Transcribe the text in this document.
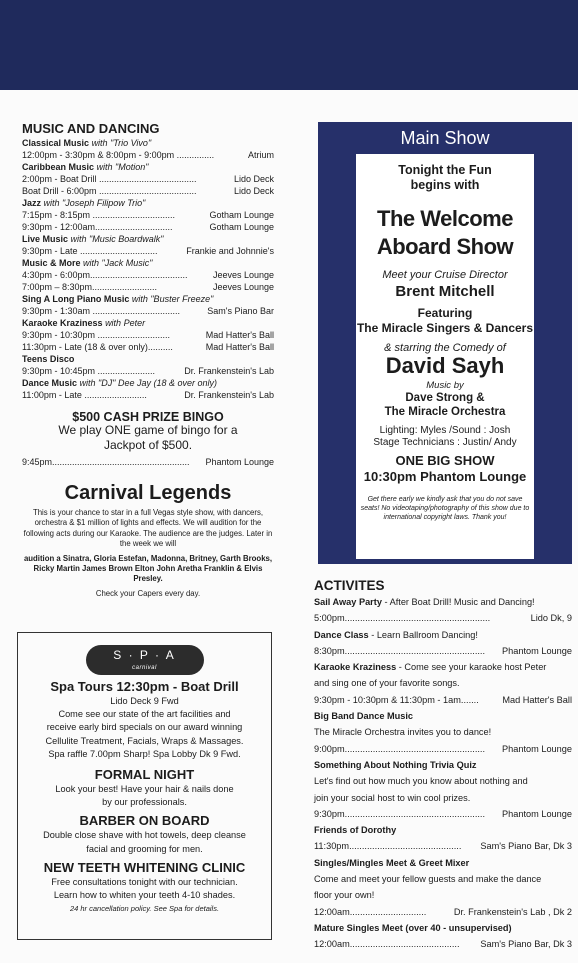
MUSIC AND DANCING
Classical Music with "Trio Vivo"
12:00pm - 3:30pm & 8:00pm - 9:00pm ...............	Atrium
Caribbean Music with "Motion"
2:00pm - Boat Drill .......................................	Lido Deck
Boat Drill - 6:00pm .......................................	Lido Deck
Jazz with "Joseph Filipow Trio"
7:15pm - 8:15pm .................................	Gotham Lounge
9:30pm - 12:00am...............................	Gotham Lounge
Live Music with "Music Boardwalk"
9:30pm - Late ...............................	Frankie and Johnnie's
Music & More with "Jack Music"
4:30pm - 6:00pm.......................................	Jeeves Lounge
7:00pm – 8:30pm..........................	Jeeves Lounge
Sing A Long Piano Music with "Buster Freeze"
9:30pm - 1:30am ...................................	Sam's Piano Bar
Karaoke Kraziness with Peter
9:30pm - 10:30pm .............................	Mad Hatter's Ball
11:30pm - Late (18 & over only)..........	Mad Hatter's Ball
Teens Disco
9:30pm - 10:45pm .......................	Dr. Frankenstein's Lab
Dance Music with "DJ" Dee Jay (18 & over only)
11:00pm - Late .........................	Dr. Frankenstein's Lab
$500 CASH PRIZE BINGO
We play ONE game of bingo for a
Jackpot of $500.
9:45pm....................................................... Phantom Lounge
Carnival Legends
This is your chance to star in a full Vegas style show, with dancers, orchestra & $1 million of lights and effects. We will audition for the following acts during our Karaoke. The audience are the judges. Later in the week we will
audition a Sinatra, Gloria Estefan, Madonna, Britney, Garth Brooks, Ricky Martin James Brown Elton John Aretha Franklin & Elvis Presley.
Check your Capers every day.
S · P · A
carnival
Spa Tours 12:30pm - Boat Drill
Lido Deck 9 Fwd
Come see our state of the art facilities and
receive early bird specials on our award winning
Cellulite Treatment, Facials, Wraps & Massages.
Spa raffle 7.00pm Sharp! Spa Lobby Dk 9 Fwd.
FORMAL NIGHT
Look your best! Have your hair & nails done
by our professionals.
BARBER ON BOARD
Double close shave with hot towels, deep cleanse
facial and grooming for men.
NEW TEETH WHITENING CLINIC
Free consultations tonight with our technician.
Learn how to whiten your teeth 4-10 shades.
24 hr cancellation policy. See Spa for details.
Main Show
Tonight the Fun
begins with
The Welcome
Aboard Show
Meet your Cruise Director
Brent Mitchell
Featuring
The Miracle Singers & Dancers
& starring the Comedy of
David Sayh
Music by
Dave Strong &
The Miracle Orchestra
Lighting: Myles /Sound : Josh
Stage Technicians : Justin/ Andy
ONE BIG SHOW
10:30pm Phantom Lounge
Get there early we kindly ask that you do not save seats! No videotaping/photography of this show due to international copyright laws. Thank you!
ACTIVITES
Sail Away Party - After Boat Drill! Music and Dancing!
5:00pm.........................................................	Lido Dk, 9
Dance Class - Learn Ballroom Dancing!
8:30pm....................................................... Phantom Lounge
Karaoke Kraziness - Come see your karaoke host Peter
and sing one of your favorite songs.
9:30pm - 10:30pm & 11:30pm - 1am.......	Mad Hatter's Ball
Big Band Dance Music
The Miracle Orchestra invites you to dance!
9:00pm....................................................... Phantom Lounge
Something About Nothing Trivia Quiz
Let's find out how much you know about nothing and
join your social host to win cool prizes.
9:30pm....................................................... Phantom Lounge
Friends of Dorothy
11:30pm............................................ Sam's Piano Bar, Dk 3
Singles/Mingles Meet & Greet Mixer
Come and meet your fellow guests and make the dance
floor your own!
12:00am..............................	Dr. Frankenstein's Lab , Dk 2
Mature Singles Meet (over 40 - unsupervised)
12:00am........................................... Sam's Piano Bar, Dk 3
